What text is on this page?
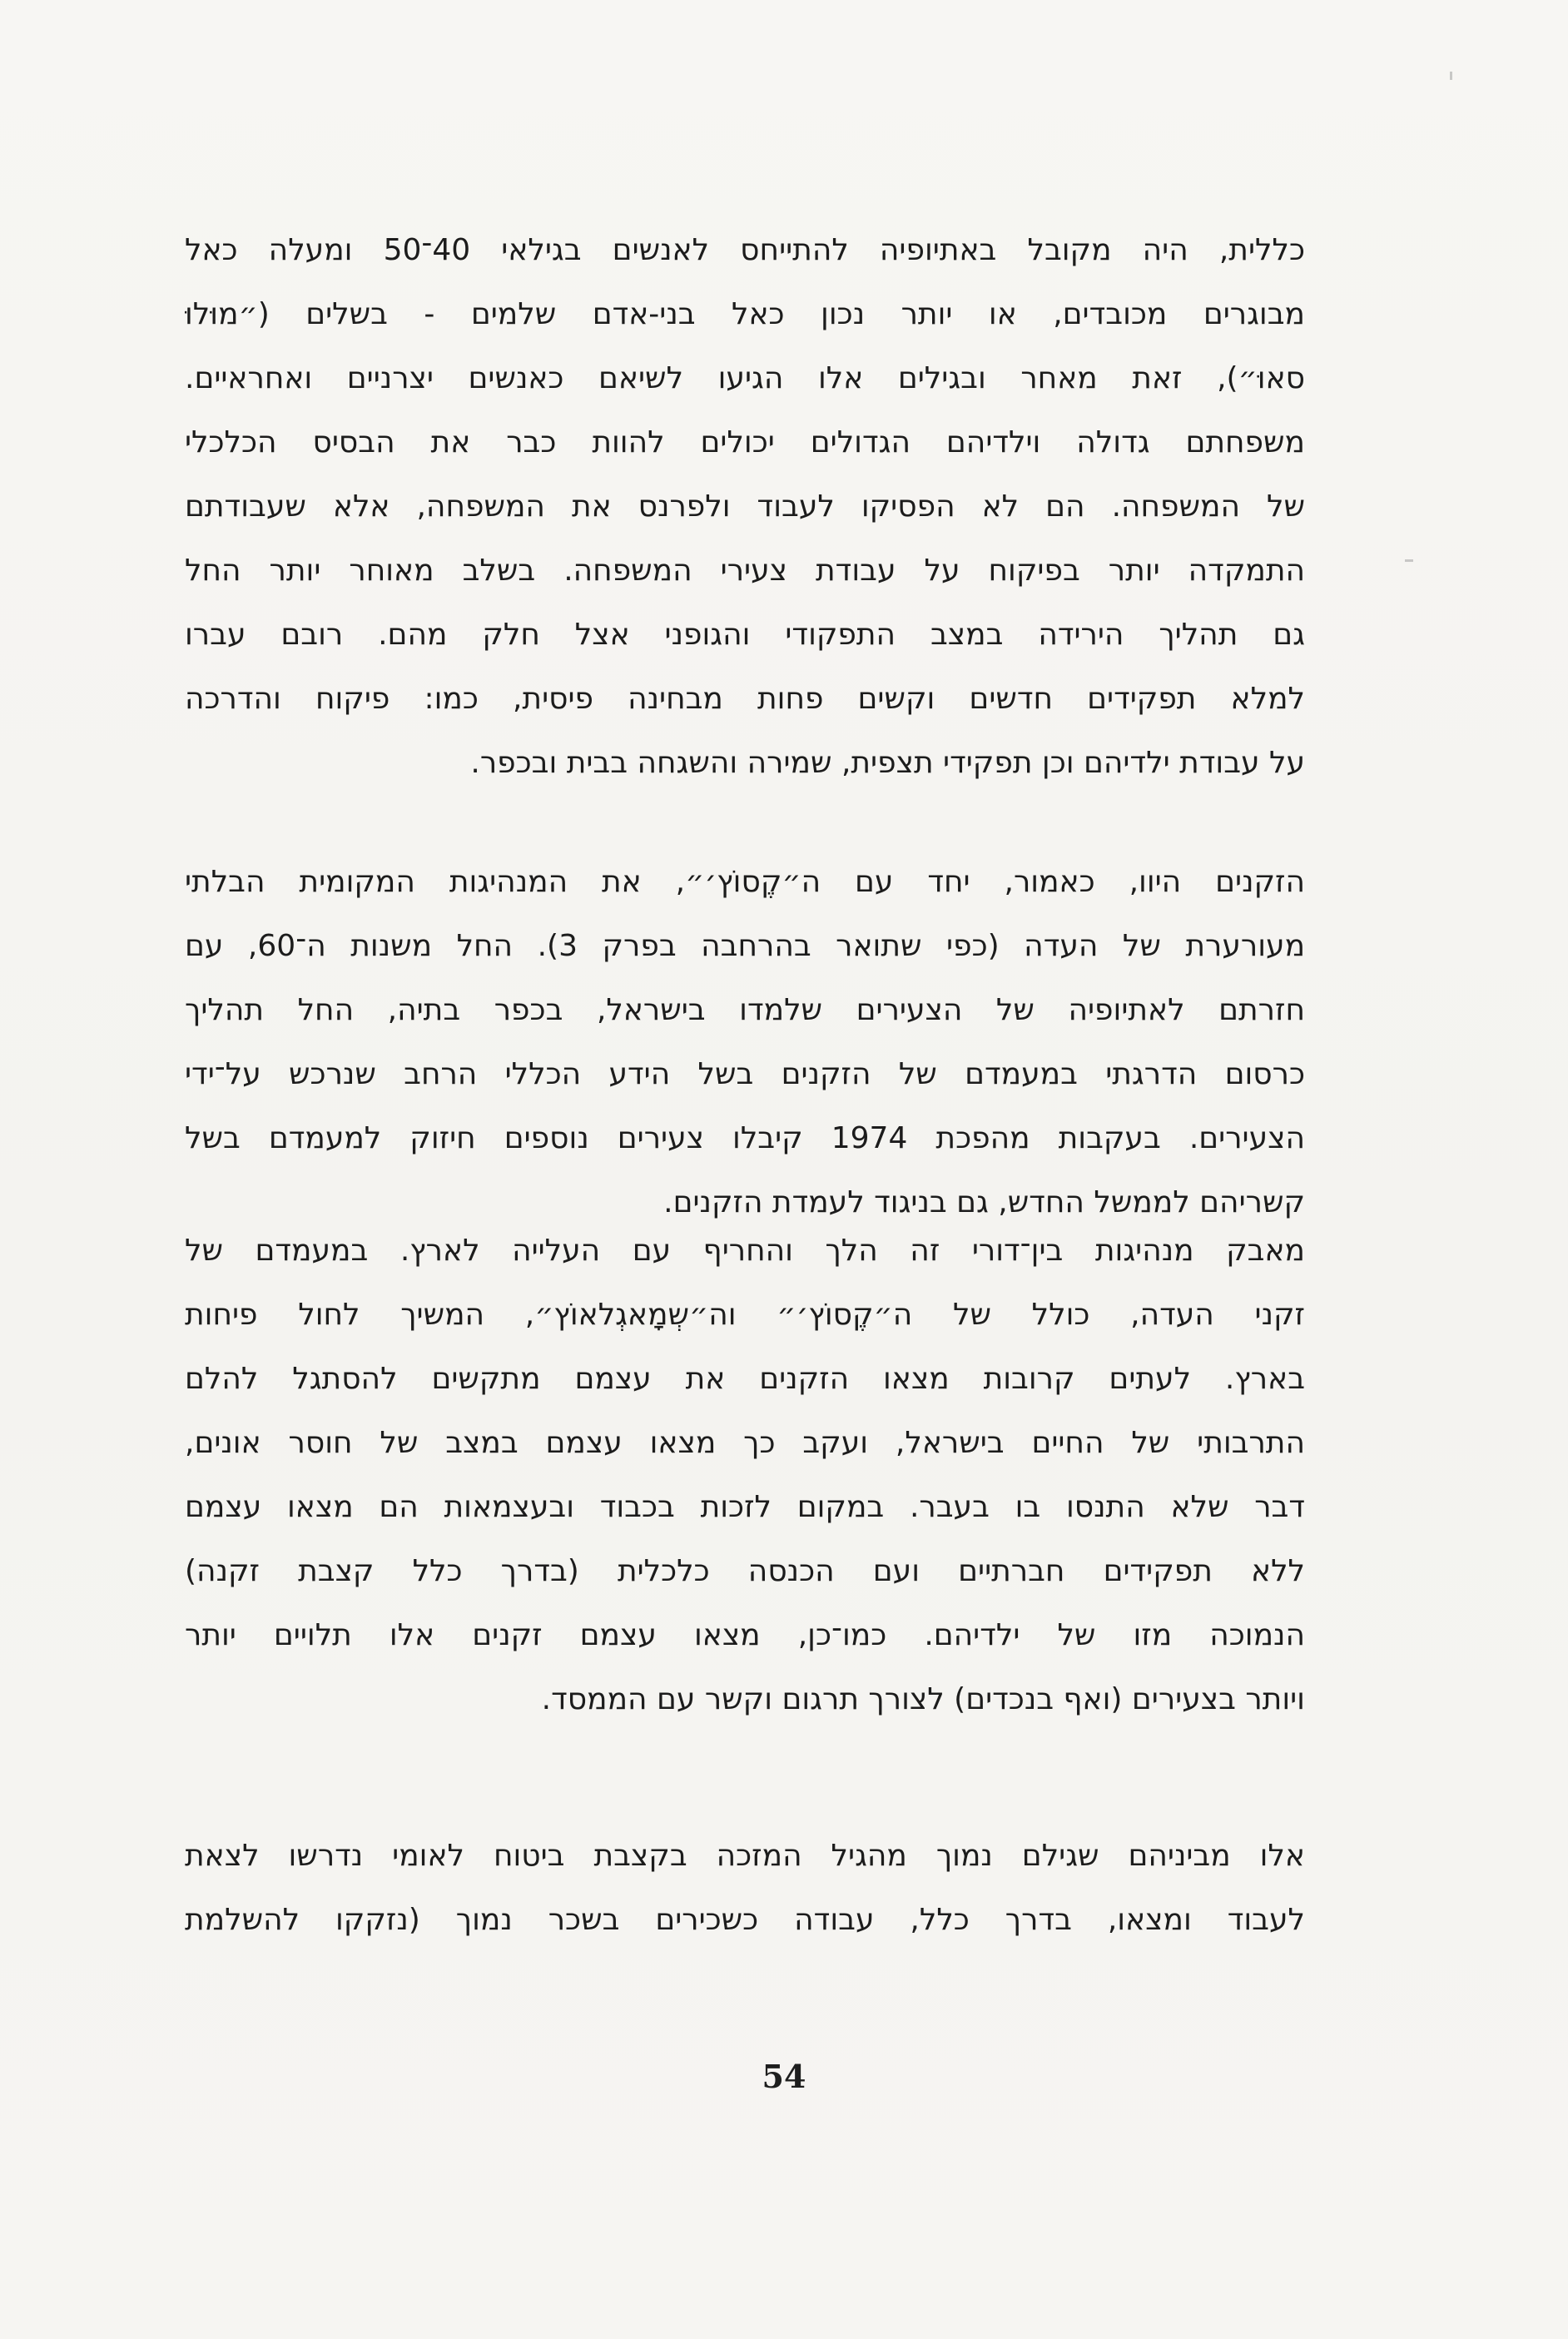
כללית, היה מקובל באתיופיה להתייחס לאנשים בגילאי 40־50 ומעלה כאל
מבוגרים מכובדים, או יותר נכון כאל בני-אדם שלמים - בשלים (״מוּלוּ
סאוּ״), זאת מאחר ובגילים אלו הגיעו לשיאם כאנשים יצרניים ואחראיים.
משפחתם גדולה וילדיהם הגדולים יכולים להוות כבר את הבסיס הכלכלי
של המשפחה. הם לא הפסיקו לעבוד ולפרנס את המשפחה, אלא שעבודתם
התמקדה יותר בפיקוח על עבודת צעירי המשפחה. בשלב מאוחר יותר החל
גם תהליך הירידה במצב התפקודי והגופני אצל חלק מהם. רובם עברו
למלא תפקידים חדשים וקשים פחות מבחינה פיסית, כמו: פיקוח והדרכה
על עבודת ילדיהם וכן תפקידי תצפית, שמירה והשגחה בבית ובכפר.
הזקנים היוו, כאמור, יחד עם ה״קֶסוֹץ׳״, את המנהיגות המקומית הבלתי
מעורערת של העדה (כפי שתואר בהרחבה בפרק 3). החל משנות ה־60, עם
חזרתם לאתיופיה של הצעירים שלמדו בישראל, בכפר בתיה, החל תהליך
כרסום הדרגתי במעמדם של הזקנים בשל הידע הכללי הרחב שנרכש על־ידי
הצעירים. בעקבות מהפכת 1974 קיבלו צעירים נוספים חיזוק למעמדם בשל
קשריהם לממשל החדש, גם בניגוד לעמדת הזקנים.
מאבק מנהיגות בין־דורי זה הלך והחריף עם העלייה לארץ. במעמדם של
זקני העדה, כולל של ה״קֶסוֹץ׳״ וה״שְמָאגְלאוֹץ״, המשיך לחול פיחות
בארץ. לעתים קרובות מצאו הזקנים את עצמם מתקשים להסתגל להלם
התרבותי של החיים בישראל, ועקב כך מצאו עצמם במצב של חוסר אונים,
דבר שלא התנסו בו בעבר. במקום לזכות בכבוד ובעצמאות הם מצאו עצמם
ללא תפקידים חברתיים ועם הכנסה כלכלית (בדרך כלל קצבת זקנה)
הנמוכה מזו של ילדיהם. כמו־כן, מצאו עצמם זקנים אלו תלויים יותר
ויותר בצעירים (ואף בנכדים) לצורך תרגום וקשר עם הממסד.
אלו מביניהם שגילם נמוך מהגיל המזכה בקצבת ביטוח לאומי נדרשו לצאת
לעבוד ומצאו, בדרך כלל, עבודה כשכירים בשכר נמוך (נזקקו להשלמת
54
